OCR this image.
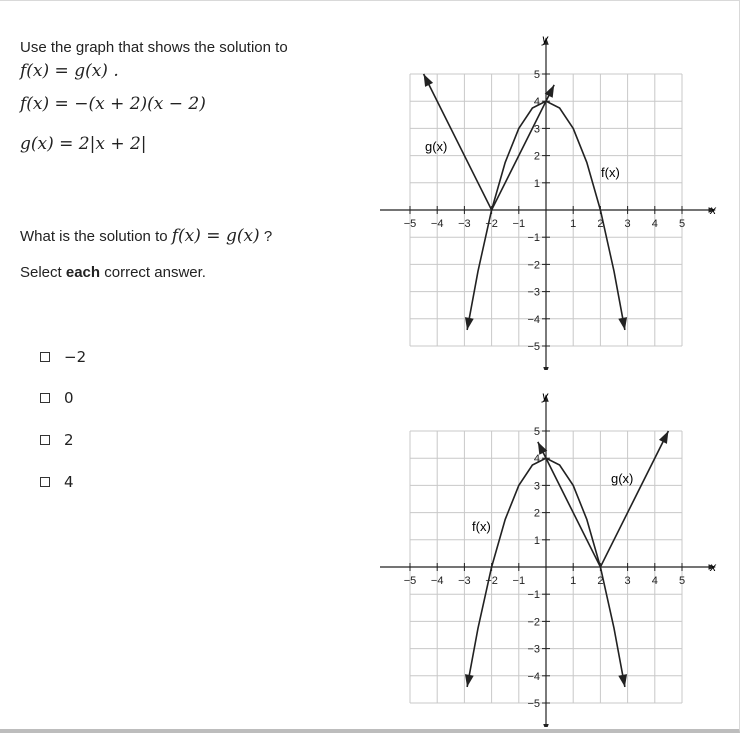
Use the graph that shows the solution to

f(x) = g(x) .

f(x) = −(x + 2)(x − 2)

g(x) = 2|x + 2|

What is the solution to f(x) = g(x) ?
Select each correct answer.
−2
0
2
4
−5 −4 −3 −2 −1	1 2 3 4 5
5
4
3
2
1
−1
−2
−3
−4
−5
f(x)
g(x)
x
y
−5 −4 −3 −2 −1	1 2 3 4 5
5
4
3
2
1
−1
−2
−3
−4
−5
f(x)
g(x)
x
y
